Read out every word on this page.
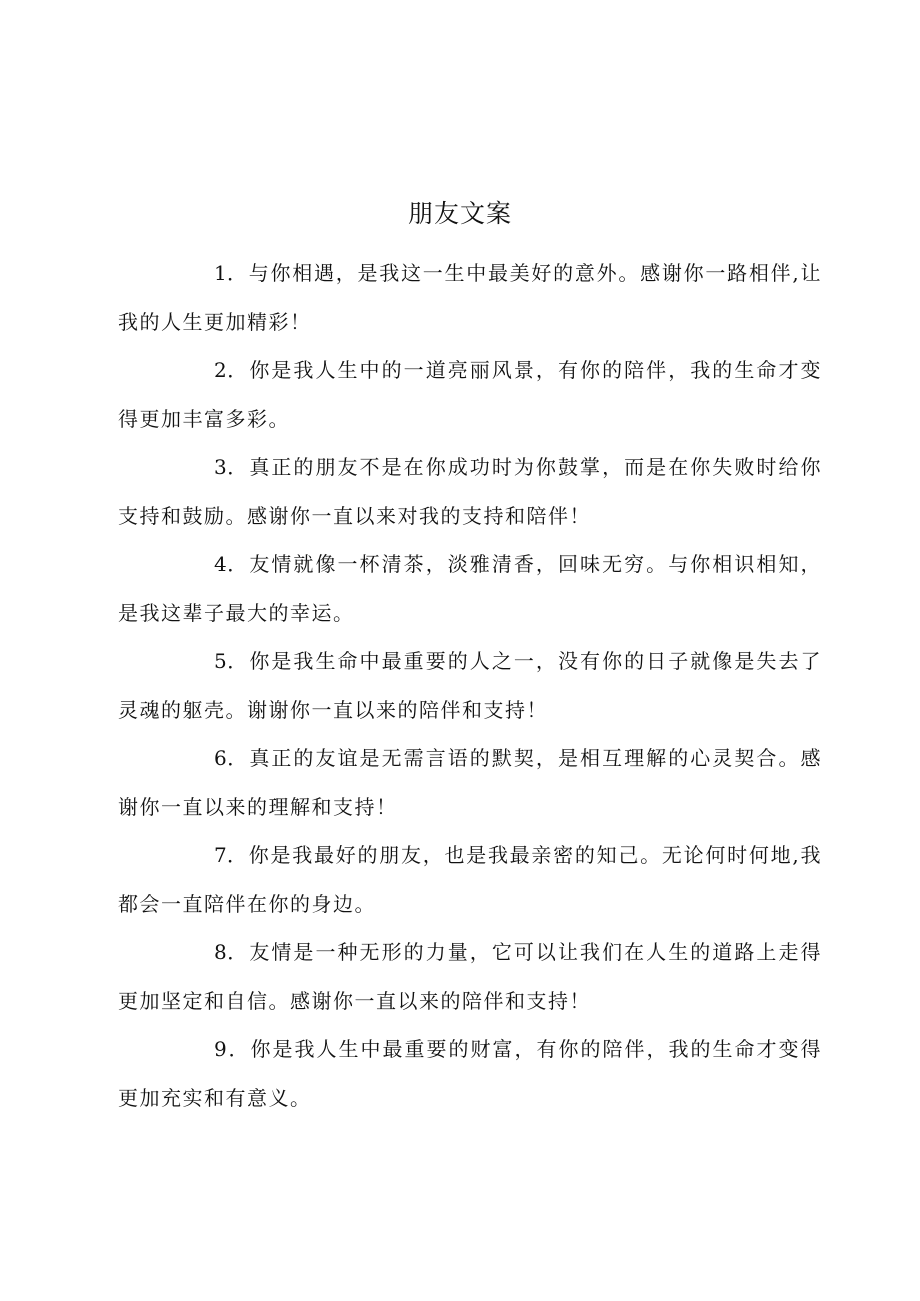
朋友文案

1．与你相遇，是我这一生中最美好的意外。感谢你一路相伴,让我的人生更加精彩！

2．你是我人生中的一道亮丽风景，有你的陪伴，我的生命才变得更加丰富多彩。

3．真正的朋友不是在你成功时为你鼓掌，而是在你失败时给你支持和鼓励。感谢你一直以来对我的支持和陪伴！

4．友情就像一杯清茶，淡雅清香，回味无穷。与你相识相知，是我这辈子最大的幸运。

5．你是我生命中最重要的人之一，没有你的日子就像是失去了灵魂的躯壳。谢谢你一直以来的陪伴和支持！

6．真正的友谊是无需言语的默契，是相互理解的心灵契合。感谢你一直以来的理解和支持！

7．你是我最好的朋友，也是我最亲密的知己。无论何时何地,我都会一直陪伴在你的身边。

8．友情是一种无形的力量，它可以让我们在人生的道路上走得更加坚定和自信。感谢你一直以来的陪伴和支持！

9．你是我人生中最重要的财富，有你的陪伴，我的生命才变得更加充实和有意义。
